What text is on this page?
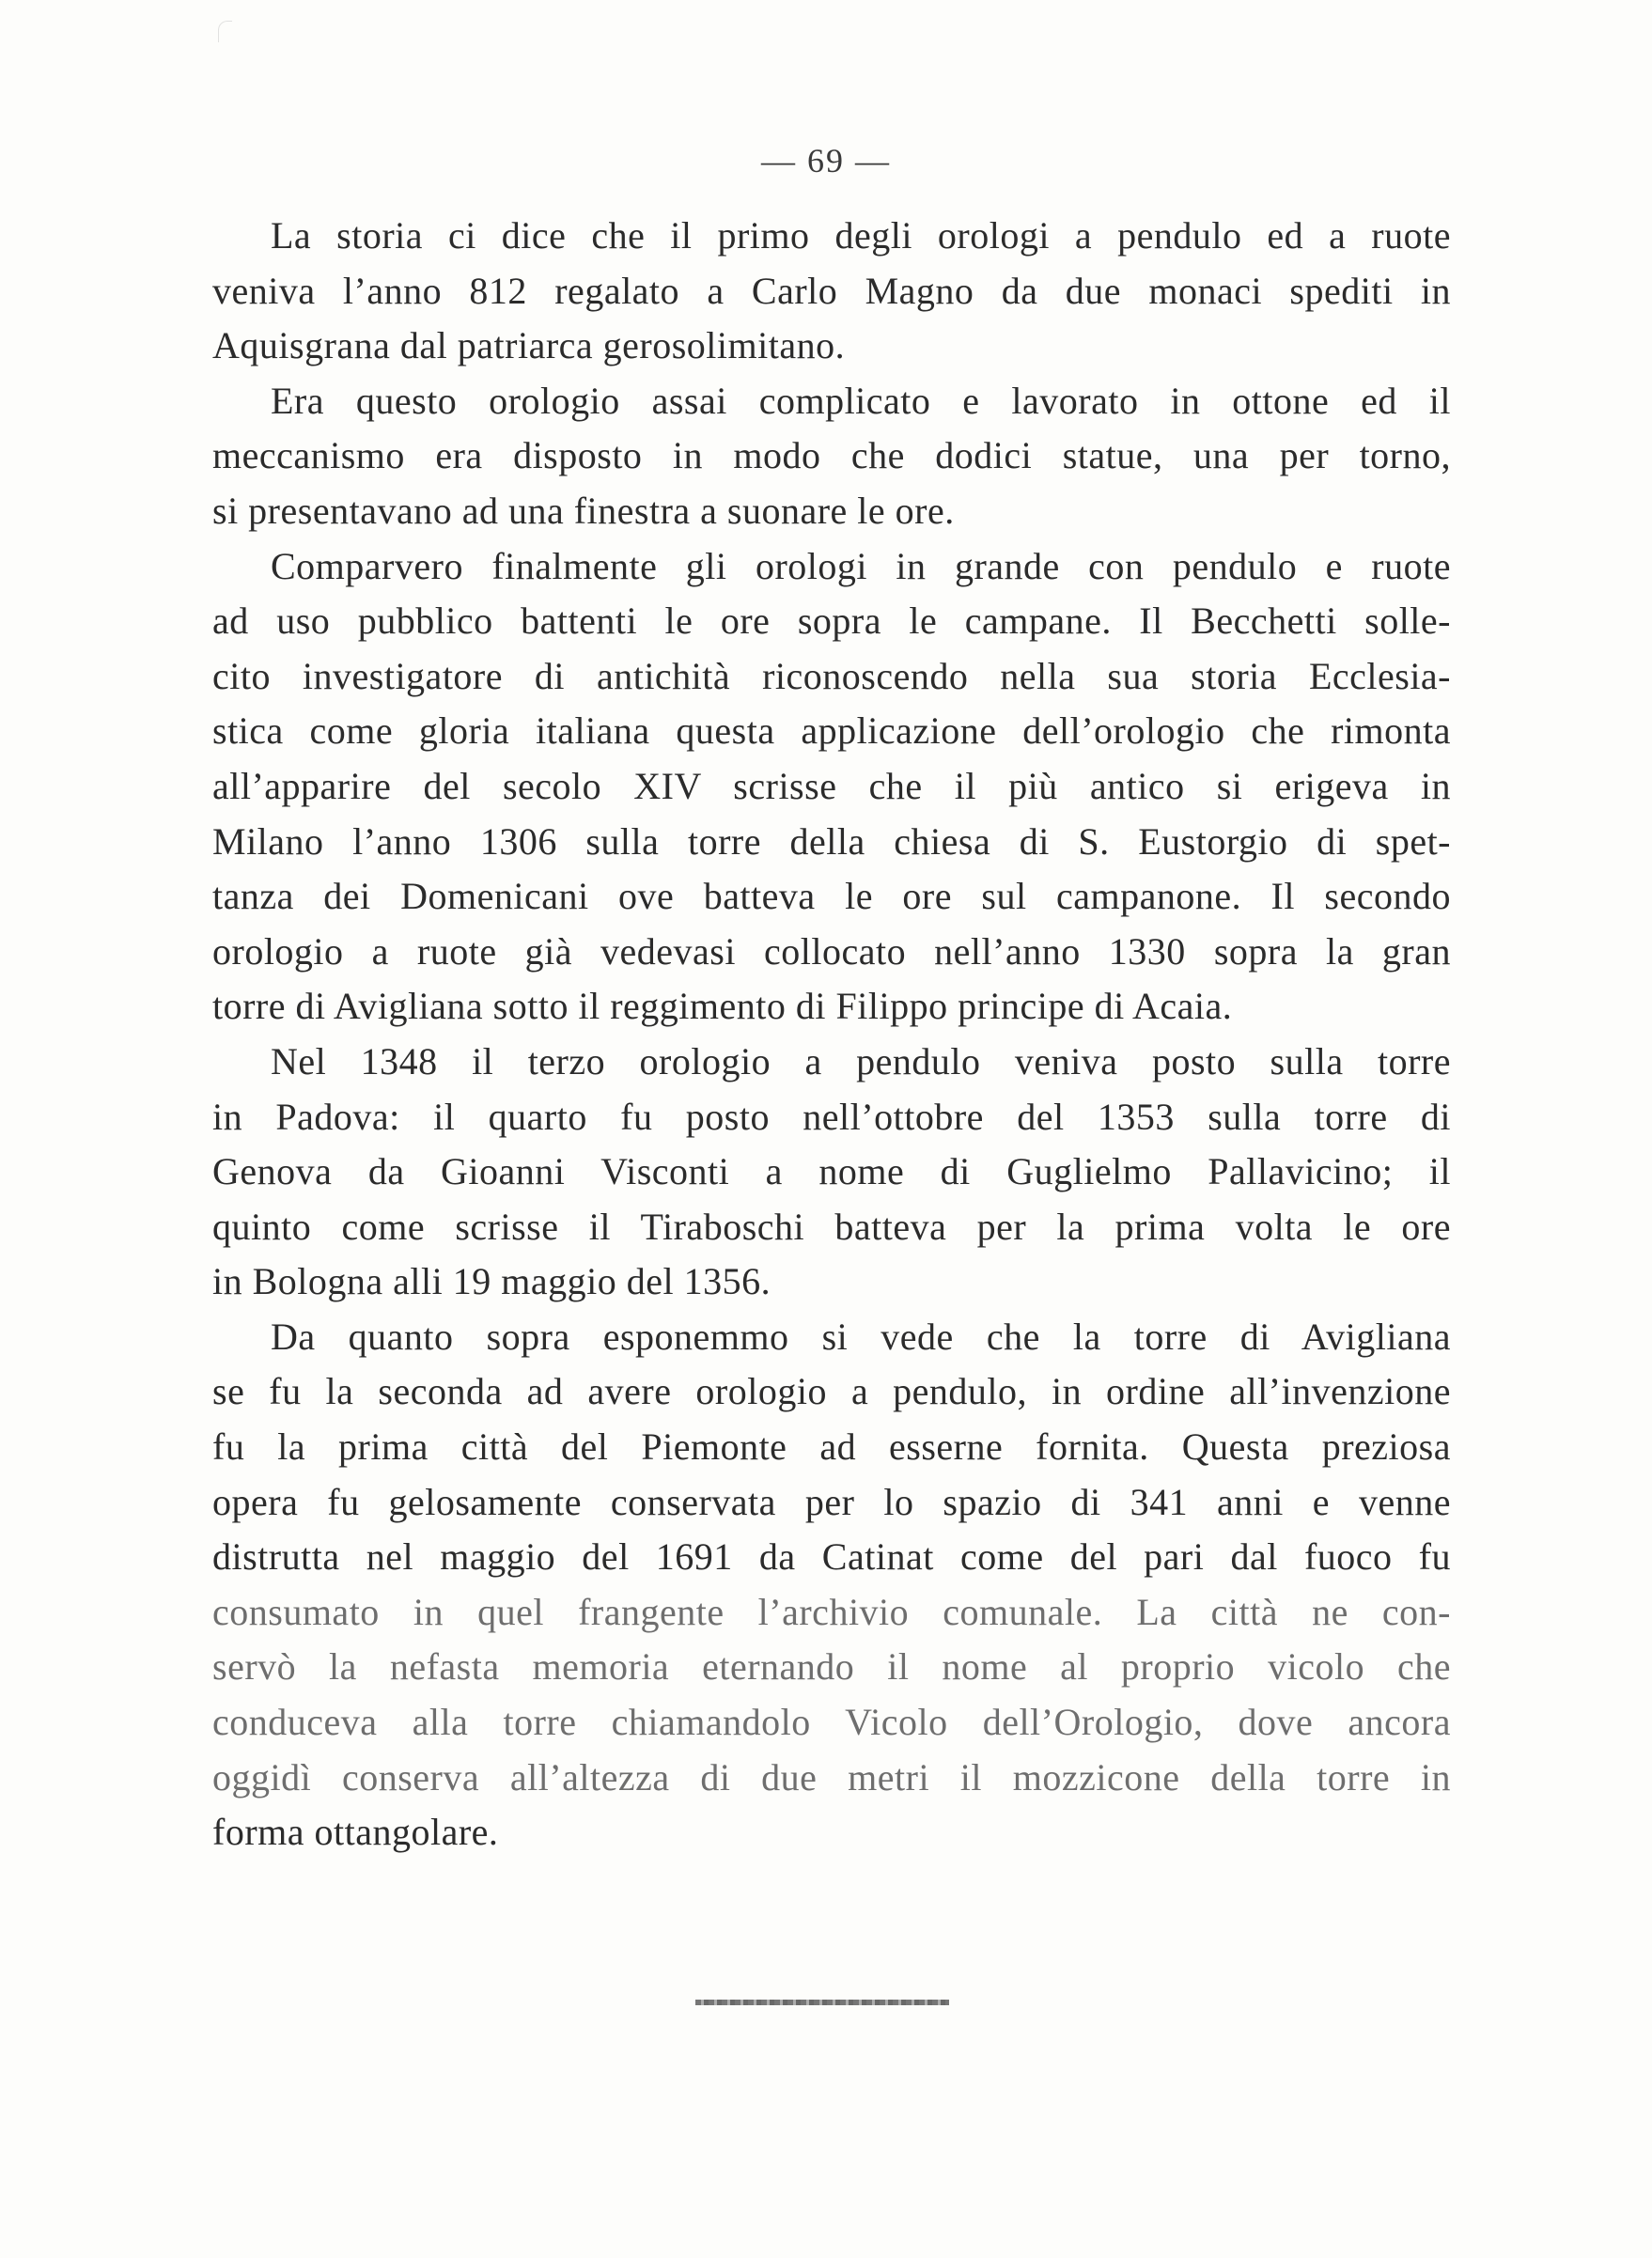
— 69 —
La storia ci dice che il primo degli orologi a pendulo ed a ruote
veniva l’anno 812 regalato a Carlo Magno da due monaci spediti in
Aquisgrana dal patriarca gerosolimitano.
Era questo orologio assai complicato e lavorato in ottone ed il
meccanismo era disposto in modo che dodici statue, una per torno,
si presentavano ad una finestra a suonare le ore.
Comparvero finalmente gli orologi in grande con pendulo e ruote
ad uso pubblico battenti le ore sopra le campane. Il Becchetti solle-
cito investigatore di antichità riconoscendo nella sua storia Ecclesia-
stica come gloria italiana questa applicazione dell’orologio che rimonta
all’apparire del secolo XIV scrisse che il più antico si erigeva in
Milano l’anno 1306 sulla torre della chiesa di S. Eustorgio di spet-
tanza dei Domenicani ove batteva le ore sul campanone. Il secondo
orologio a ruote già vedevasi collocato nell’anno 1330 sopra la gran
torre di Avigliana sotto il reggimento di Filippo principe di Acaia.
Nel 1348 il terzo orologio a pendulo veniva posto sulla torre
in Padova: il quarto fu posto nell’ottobre del 1353 sulla torre di
Genova da Gioanni Visconti a nome di Guglielmo Pallavicino; il
quinto come scrisse il Tiraboschi batteva per la prima volta le ore
in Bologna alli 19 maggio del 1356.
Da quanto sopra esponemmo si vede che la torre di Avigliana
se fu la seconda ad avere orologio a pendulo, in ordine all’invenzione
fu la prima città del Piemonte ad esserne fornita. Questa preziosa
opera fu gelosamente conservata per lo spazio di 341 anni e venne
distrutta nel maggio del 1691 da Catinat come del pari dal fuoco fu
consumato in quel frangente l’archivio comunale. La città ne con-
servò la nefasta memoria eternando il nome al proprio vicolo che
conduceva alla torre chiamandolo Vicolo dell’Orologio, dove ancora
oggidì conserva all’altezza di due metri il mozzicone della torre in
forma ottangolare.
